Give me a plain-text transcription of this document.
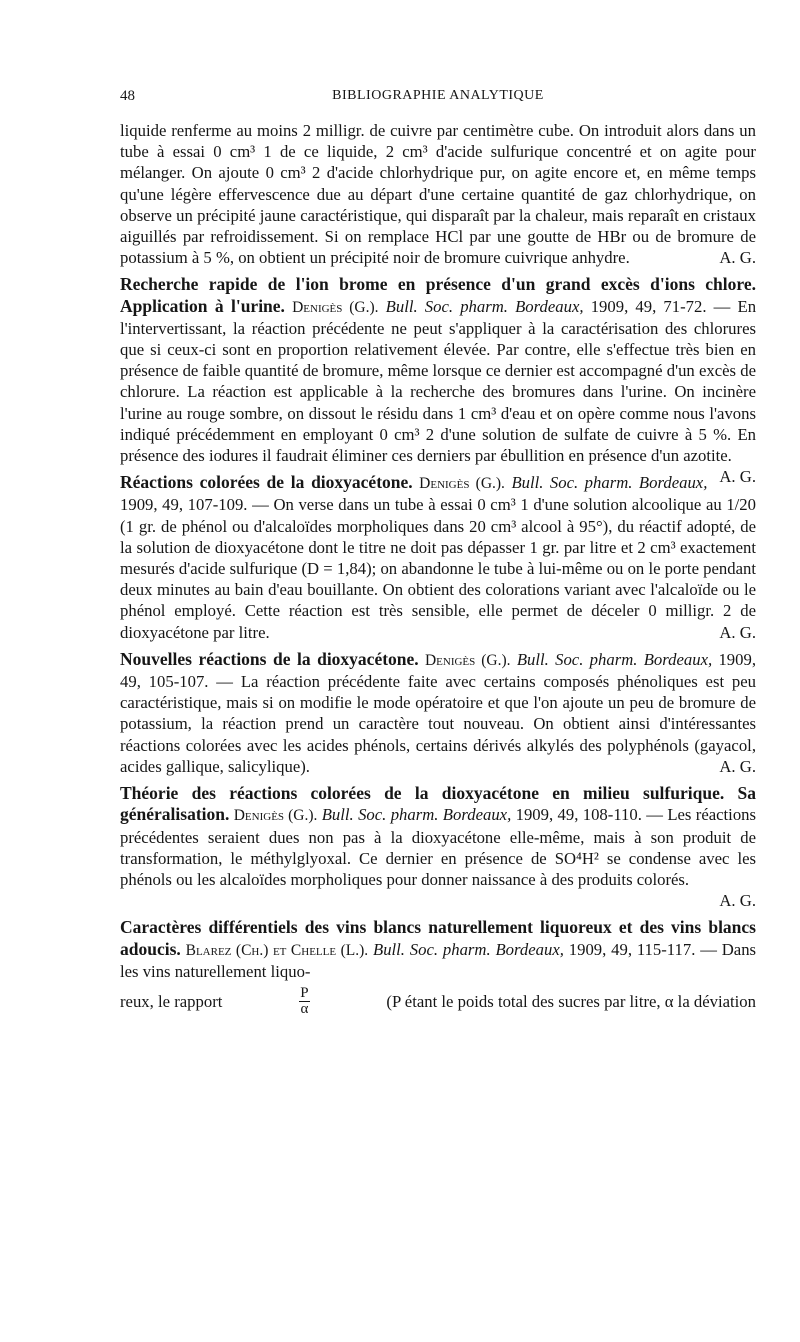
48	BIBLIOGRAPHIE ANALYTIQUE

liquide renferme au moins 2 milligr. de cuivre par centimètre cube. On introduit alors dans un tube à essai 0 cm³ 1 de ce liquide, 2 cm³ d'acide sulfurique concentré et on agite pour mélanger. On ajoute 0 cm³ 2 d'acide chlorhydrique pur, on agite encore et, en même temps qu'une légère effervescence due au départ d'une certaine quantité de gaz chlorhydrique, on observe un précipité jaune caractéristique, qui disparaît par la chaleur, mais reparaît en cristaux aiguillés par refroidissement. Si on remplace HCl par une goutte de HBr ou de bromure de potassium à 5 %, on obtient un précipité noir de bromure cuivrique anhydre.	A. G.

Recherche rapide de l'ion brome en présence d'un grand excès d'ions chlore. Application à l'urine. Denigès (G.). Bull. Soc. pharm. Bordeaux, 1909, 49, 71-72. — En l'intervertissant, la réaction précédente ne peut s'appliquer à la caractérisation des chlorures que si ceux-ci sont en proportion relativement élevée. Par contre, elle s'effectue très bien en présence de faible quantité de bromure, même lorsque ce dernier est accompagné d'un excès de chlorure. La réaction est applicable à la recherche des bromures dans l'urine. On incinère l'urine au rouge sombre, on dissout le résidu dans 1 cm³ d'eau et on opère comme nous l'avons indiqué précédemment en employant 0 cm³ 2 d'une solution de sulfate de cuivre à 5 %. En présence des iodures il faudrait éliminer ces derniers par ébullition en présence d'un azotite.
A. G.

Réactions colorées de la dioxyacétone. Denigès (G.). Bull. Soc. pharm. Bordeaux, 1909, 49, 107-109. — On verse dans un tube à essai 0 cm³ 1 d'une solution alcoolique au 1/20 (1 gr. de phénol ou d'alcaloïdes morpholiques dans 20 cm³ alcool à 95°), du réactif adopté, de la solution de dioxyacétone dont le titre ne doit pas dépasser 1 gr. par litre et 2 cm³ exactement mesurés d'acide sulfurique (D = 1,84); on abandonne le tube à lui-même ou on le porte pendant deux minutes au bain d'eau bouillante. On obtient des colorations variant avec l'alcaloïde ou le phénol employé. Cette réaction est très sensible, elle permet de déceler 0 milligr. 2 de dioxyacétone par litre.	A. G.

Nouvelles réactions de la dioxyacétone. Denigès (G.). Bull. Soc. pharm. Bordeaux, 1909, 49, 105-107. — La réaction précédente faite avec certains composés phénoliques est peu caractéristique, mais si on modifie le mode opératoire et que l'on ajoute un peu de bromure de potassium, la réaction prend un caractère tout nouveau. On obtient ainsi d'intéressantes réactions colorées avec les acides phénols, certains dérivés alkylés des polyphénols (gayacol, acides gallique, salicylique).	A. G.

Théorie des réactions colorées de la dioxyacétone en milieu sulfurique. Sa généralisation. Denigès (G.). Bull. Soc. pharm. Bordeaux, 1909, 49, 108-110. — Les réactions précédentes seraient dues non pas à la dioxyacétone elle-même, mais à son produit de transformation, le méthylglyoxal. Ce dernier en présence de SO⁴H² se condense avec les phénols ou les alcaloïdes morpholiques pour donner naissance à des produits colorés.

A. G.

Caractères différentiels des vins blancs naturellement liquoreux et des vins blancs adoucis. Blarez (Ch.) et Chelle (L.). Bull. Soc. pharm. Bordeaux, 1909, 49, 115-117. — Dans les vins naturellement liquo-

reux, le rapport	$\frac{P}{\alpha}$	(P étant le poids total des sucres par litre, α la déviation
